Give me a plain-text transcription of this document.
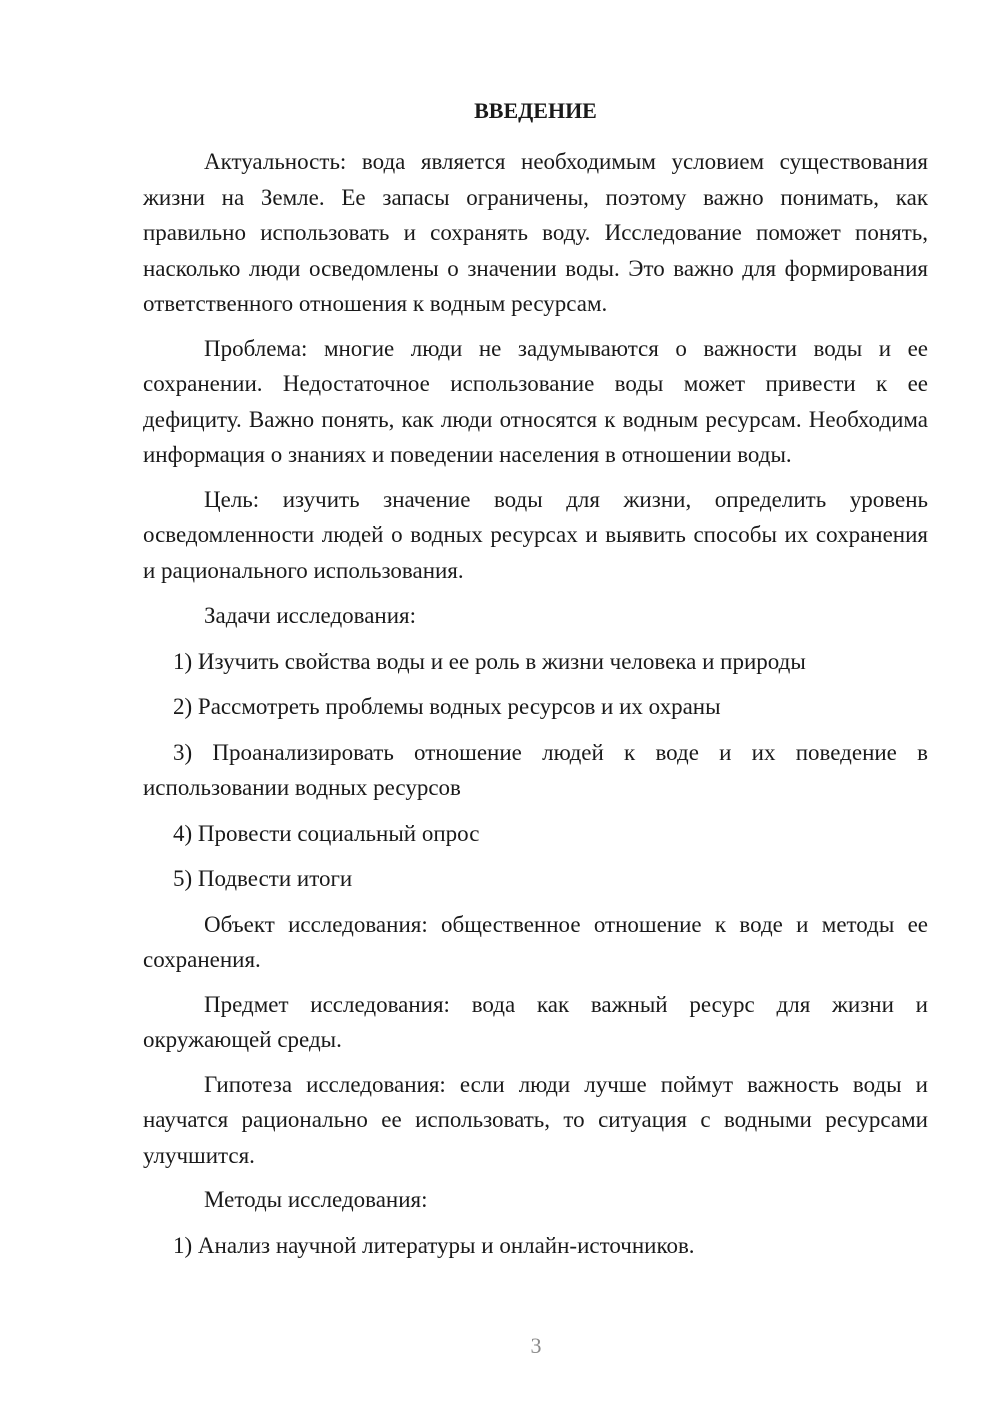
ВВЕДЕНИЕ

Актуальность: вода является необходимым условием существования жизни на Земле. Ее запасы ограничены, поэтому важно понимать, как правильно использовать и сохранять воду. Исследование поможет понять, насколько люди осведомлены о значении воды. Это важно для формирования ответственного отношения к водным ресурсам.

Проблема: многие люди не задумываются о важности воды и ее сохранении. Недостаточное использование воды может привести к ее дефициту. Важно понять, как люди относятся к водным ресурсам. Необходима информация о знаниях и поведении населения в отношении воды.

Цель: изучить значение воды для жизни, определить уровень осведомленности людей о водных ресурсах и выявить способы их сохранения и рационального использования.

Задачи исследования:

1) Изучить свойства воды и ее роль в жизни человека и природы

2) Рассмотреть проблемы водных ресурсов и их охраны

3) Проанализировать отношение людей к воде и их поведение в использовании водных ресурсов

4) Провести социальный опрос

5) Подвести итоги

Объект исследования: общественное отношение к воде и методы ее сохранения.

Предмет исследования: вода как важный ресурс для жизни и окружающей среды.

Гипотеза исследования: если люди лучше поймут важность воды и научатся рационально ее использовать, то ситуация с водными ресурсами улучшится.

Методы исследования:

1) Анализ научной литературы и онлайн-источников.

3
